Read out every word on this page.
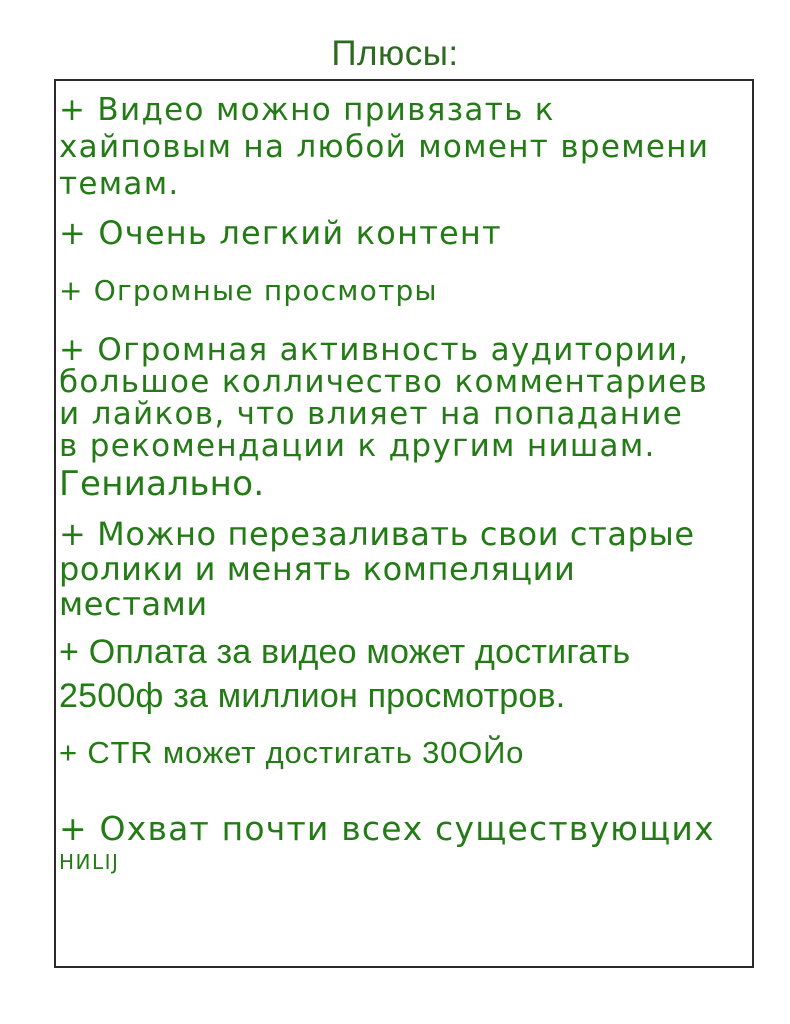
Плюсы:
+ Видео можно привязать к
хайповым на любой момент времени
темам.
+ Очень легкий контент
+ Огромные просмотры
+ Огромная активность аудитории,
большое колличество комментариев
и лайков, что влияет на попадание
в рекомендации к другим нишам.
Гениально.
+ Можно перезаливать свои старые
ролики и менять компеляции
местами
+ Оплата за видео может достигать
2500ф за миллион просмотров.
+ CTR может достигать 30ОЙо
+ Охват почти всех существующих
НИLIJ
